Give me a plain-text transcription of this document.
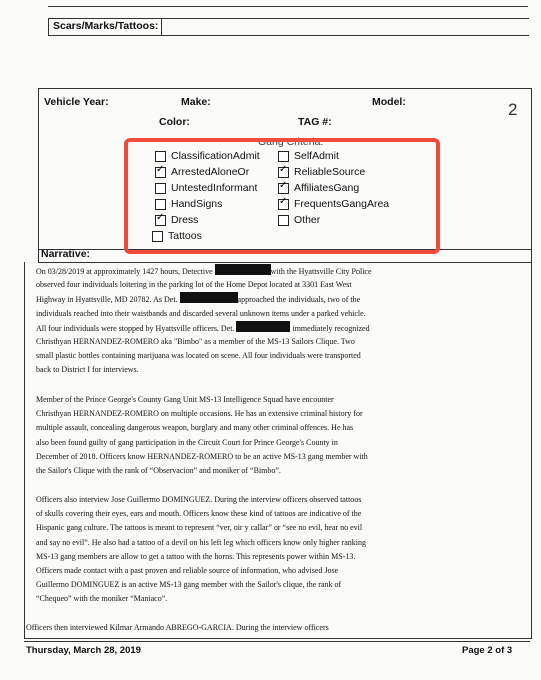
Scars/Marks/Tattoos:
Vehicle Year:	Make:	Model:
Color:	TAG #:
2
Gang Criteria:
ClassificationAdmit	SelfAdmit
✓
ArrestedAloneOr ✓	ReliableSource
UntestedInformant ✓	AffiliatesGang
HandSigns ✓	FrequentsGangArea
✓
Dress	Other
Tattoos
Narrative:
On 03/28/2019 at approximately 1427 hours, Detective	with the Hyattsville City Police
observed four individuals loitering in the parking lot of the Home Depot located at 3301 East West
Highway in Hyattsville, MD 20782. As Det.	approached the individuals, two of the
individuals reached into their waistbands and discarded several unknown items under a parked vehicle.
All four individuals were stopped by Hyattsville officers. Det.	immediately recognized
Christhyan HERNANDEZ-ROMERO aka "Bimbo" as a member of the MS-13 Sailors Clique. Two
small plastic bottles containing marijuana was located on scene. All four individuals were transported
back to District I for interviews.
Member of the Prince George's County Gang Unit MS-13 Intelligence Squad have encounter
Christhyan HERNANDEZ-ROMERO on multiple occasions. He has an extensive criminal history for
multiple assault, concealing dangerous weapon, burglary and many other criminal offences. He has
also been found guilty of gang participation in the Circuit Court for Prince George's County in
December of 2018. Officers know HERNANDEZ-ROMERO to be an active MS-13 gang member with
the Sailor's Clique with the rank of “Observacion” and moniker of “Bimbo”.
Officers also interview Jose Guillermo DOMINGUEZ. During the interview officers observed tattoos
of skulls covering their eyes, ears and mouth. Officers know these kind of tattoos are indicative of the
Hispanic gang culture. The tattoos is meant to represent “ver, oir y callar” or “see no evil, hear no evil
and say no evil”. He also had a tattoo of a devil on his left leg which officers know only higher ranking
MS-13 gang members are allow to get a tattoo with the horns. This represents power within MS-13.
Officers made contact with a past proven and reliable source of information, who advised Jose
Guillermo DOMINGUEZ is an active MS-13 gang member with the Sailor's clique, the rank of
“Chequeo” with the moniker “Maniaco”.
Officers then interviewed Kilmar Armando ABREGO-GARCIA. During the interview officers
Thursday, March 28, 2019	Page 2 of 3
